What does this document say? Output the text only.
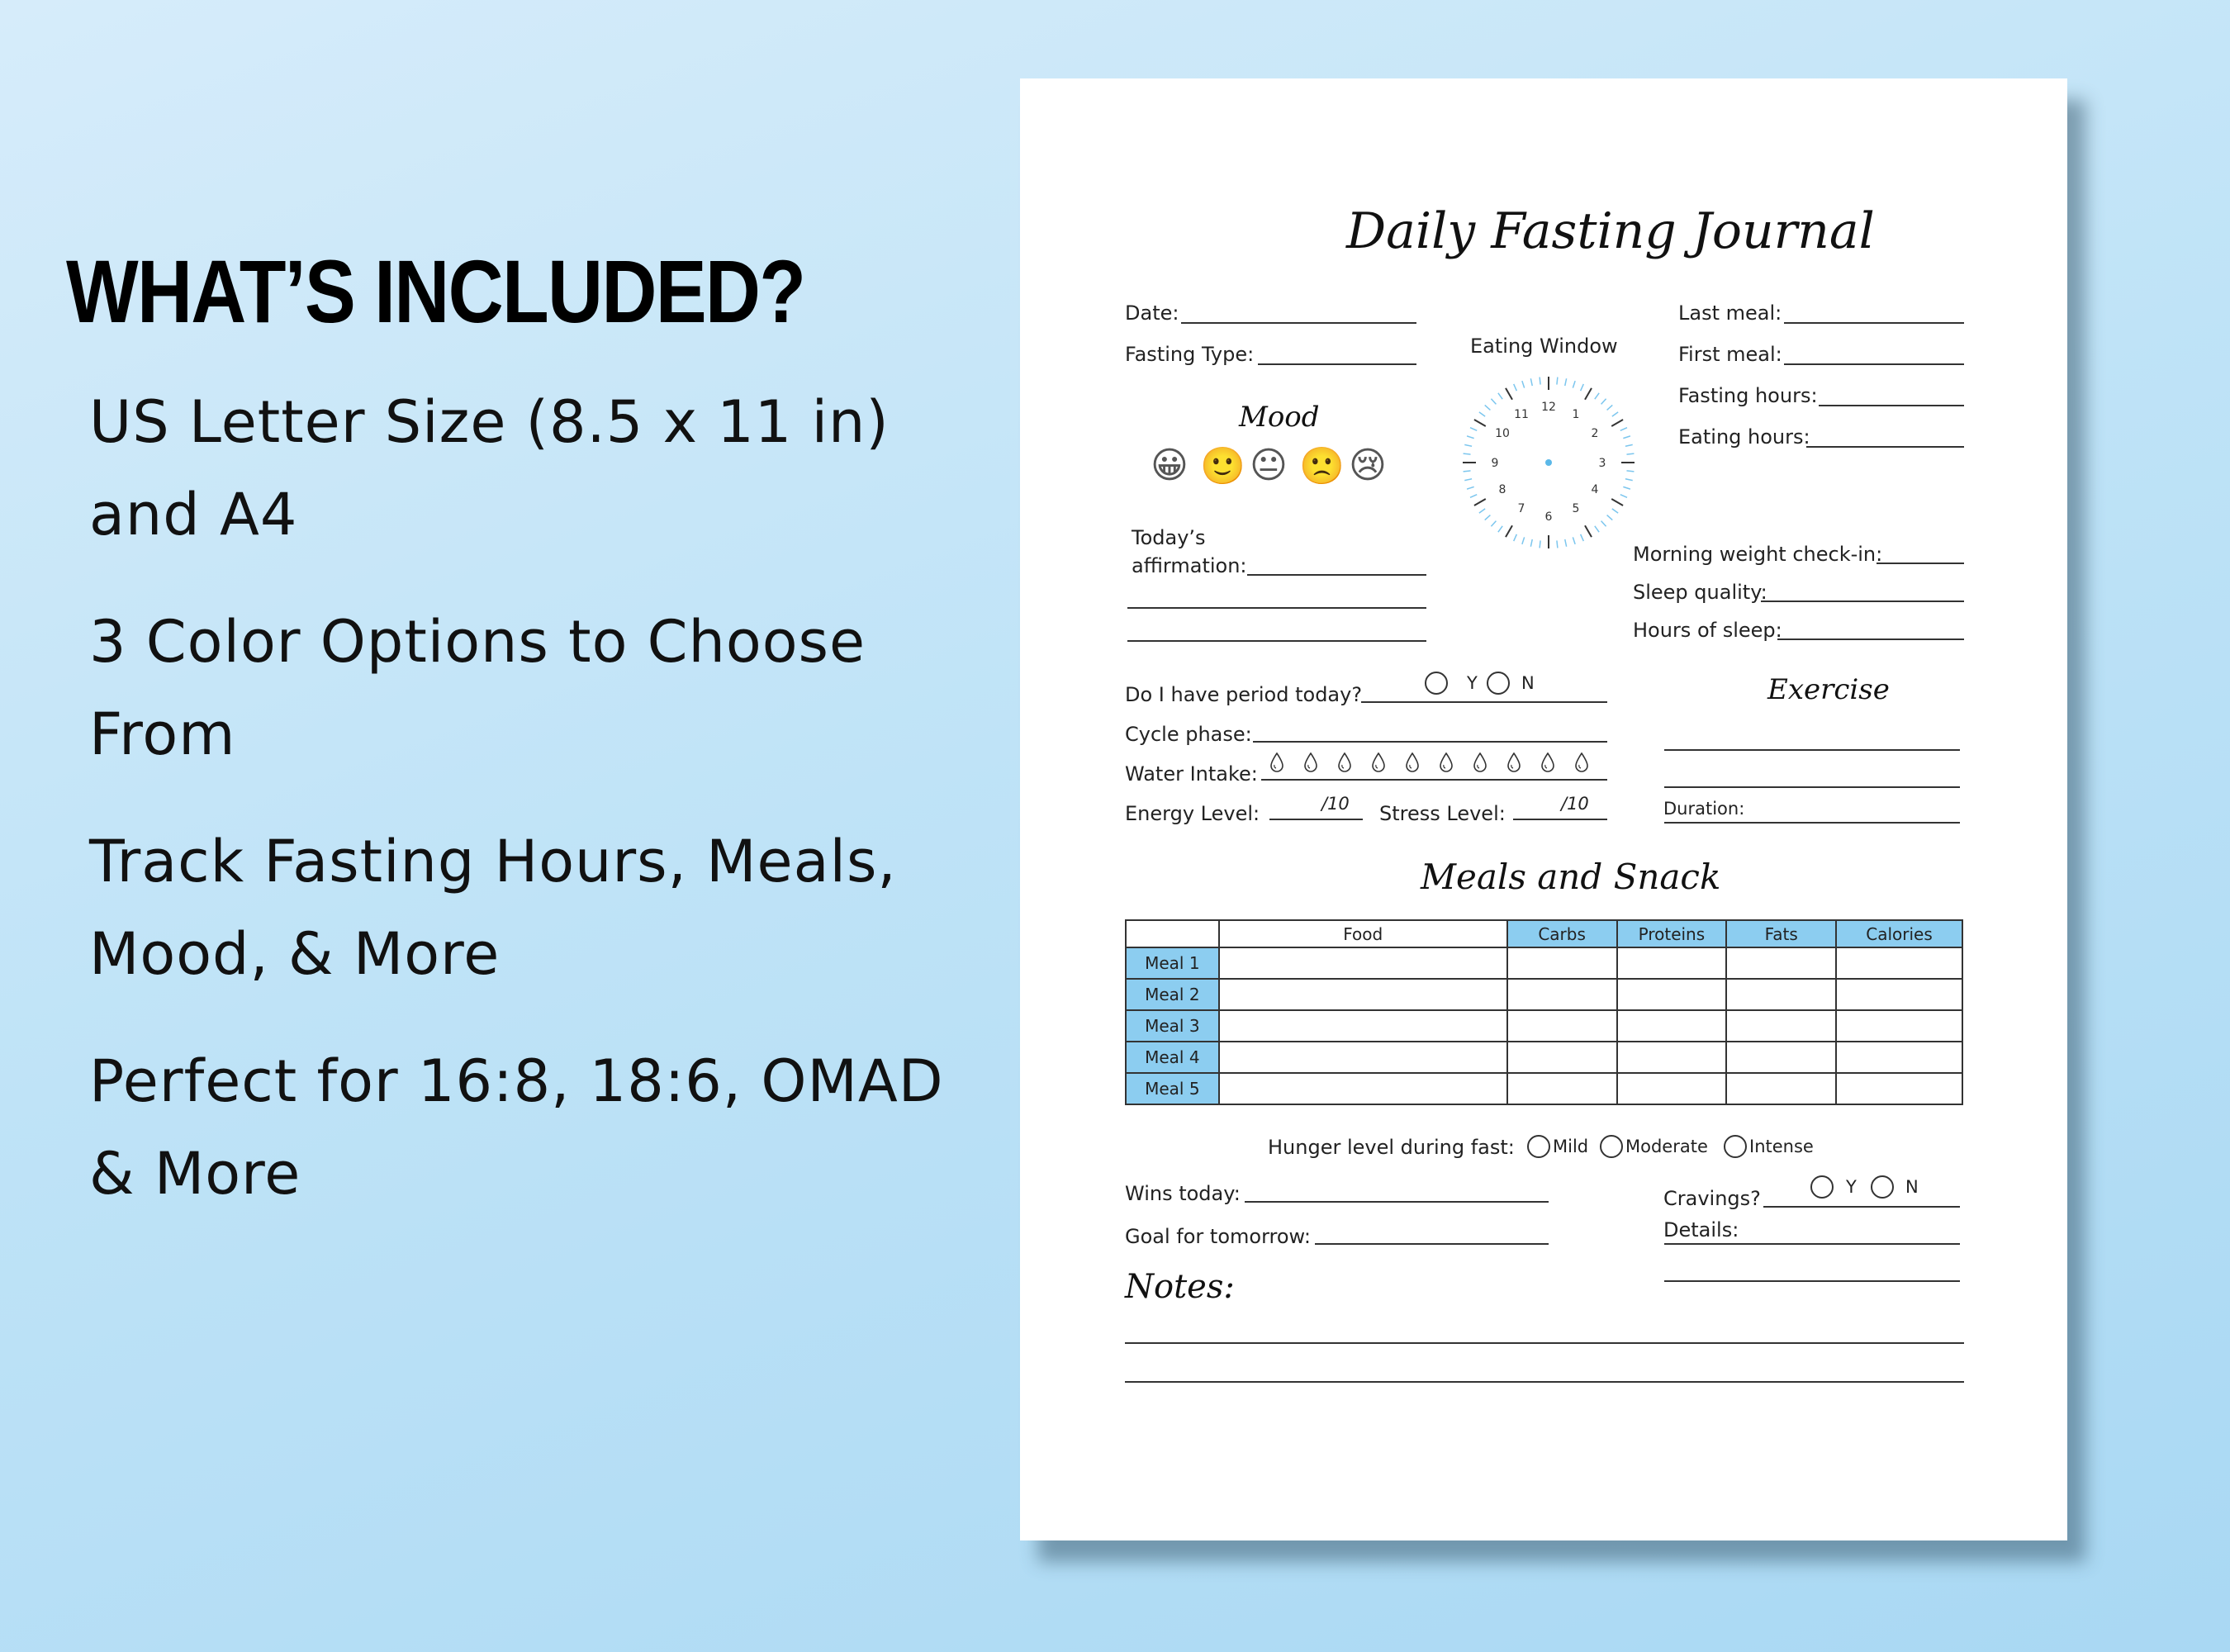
WHAT’S INCLUDED?
US Letter Size (8.5 x 11 in) and A4
3 Color Options to Choose From
Track Fasting Hours, Meals, Mood, & More
Perfect for 16:8, 18:6, OMAD & More
Daily Fasting Journal
Date:
Fasting Type:	Eating Window
12
1
2
3
4
5
6
7
8
9
10
11
Last meal:
First meal:
Fasting hours:
Eating hours:
Mood
😀 🙂 😐 🙁 😢
Today’s
affirmation:	Morning weight check-in:
Sleep quality:
Hours of sleep:
Do I have period today?	Y	N
Cycle phase:
Water Intake:
Energy Level:	/10 Stress Level:	/10
Exercise
Duration:
Meals and Snack
	Food	Carbs	Proteins	Fats	Calories
Meal 1					
Meal 2					
Meal 3					
Meal 4					
Meal 5					
Hunger level during fast: Mild Moderate Intense
Wins today:
Goal for tomorrow:
Cravings?	Y	N
Details:
Notes:
